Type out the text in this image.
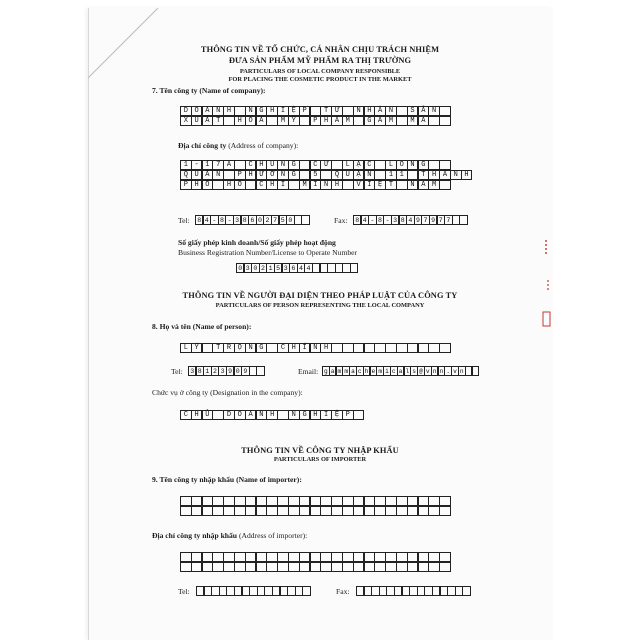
THÔNG TIN VỀ TỔ CHỨC, CÁ NHÂN CHỊU TRÁCH NHIỆM
ĐƯA SẢN PHẨM MỸ PHẨM RA THỊ TRƯỜNG
PARTICULARS OF LOCAL COMPANY RESPONSIBLE
FOR PLACING THE COSMETIC PRODUCT IN THE MARKET
7. Tên công ty (Name of company):
D O A N H	N G H I Ệ P	T Ư	N H Â N	S Ả N
X U Ấ T	H Ó A	M Ỹ	P H Ẩ M	G A M	M A
Địa chỉ công ty (Address of company):
1 - 1 7 A	C H U N G	C Ư	L Ạ C	L O N G
Q U Â N	P H Ư Ờ N G	5	Q U Ậ N	1 1	T H À N H
P H Ố	H Ồ	C H Í	M I N H	V I Ệ T	N A M
Tel:	8 4 - 8 - 3 8 6 0 2 7 5 0	Fax:	8 4 - 8 - 3 8 4 9 7 9 7 7
Số giấy phép kinh doanh/Số giấy phép hoạt động
Business Registration Number/License to Operate Number
0 3 0 2 1 5 3 6 4 4
THÔNG TIN VỀ NGƯỜI ĐẠI DIỆN THEO PHÁP LUẬT CỦA CÔNG TY
PARTICULARS OF PERSON REPRESENTING THE LOCAL COMPANY
8. Họ và tên (Name of person):
L Ý	T R Ọ N G	C H Í N H
Tel:	3 8 1 2 3 9 0 9	Email: g a m m a c h e m i c a l s @ v n n . v n
Chức vụ ở công ty (Designation in the company):
C H Ủ	D O A N H	N G H I Ệ P
THÔNG TIN VỀ CÔNG TY NHẬP KHẨU
PARTICULARS OF IMPORTER
9. Tên công ty nhập khẩu (Name of importer):
Địa chỉ công ty nhập khẩu (Address of importer):
Tel:	Fax:
